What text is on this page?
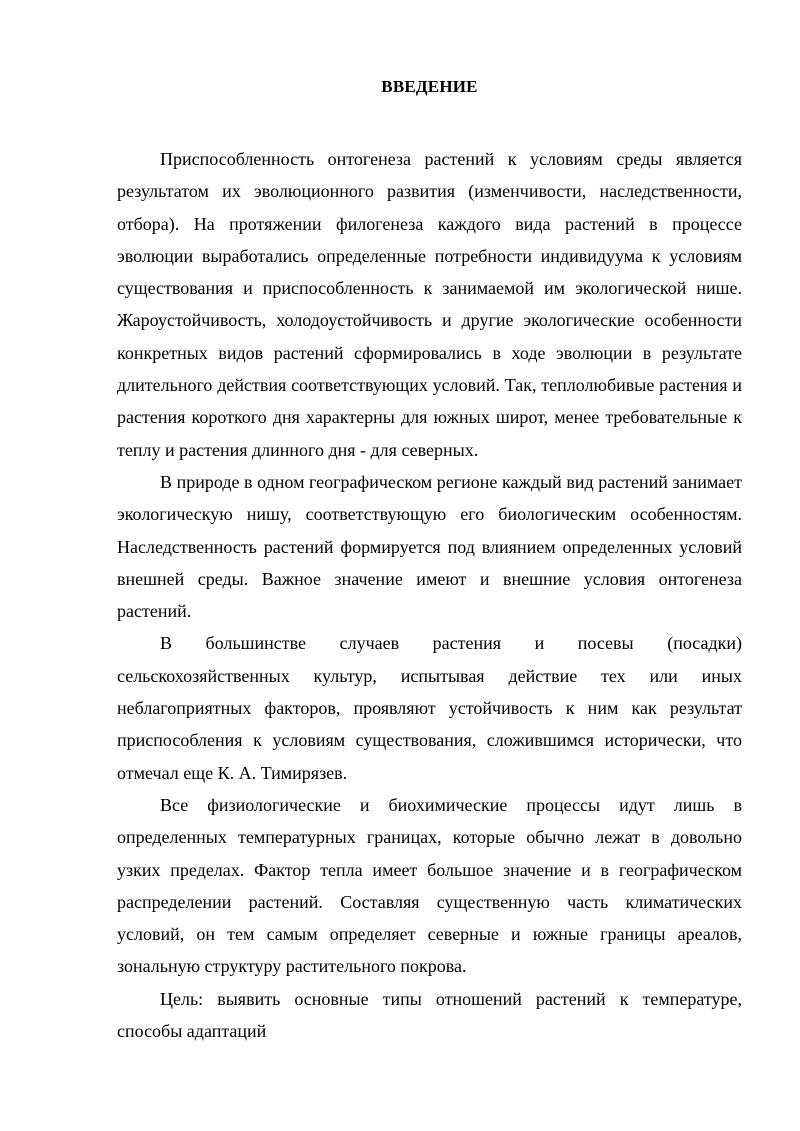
ВВЕДЕНИЕ

Приспособленность онтогенеза растений к условиям среды является результатом их эволюционного развития (изменчивости, наследственности, отбора). На протяжении филогенеза каждого вида растений в процессе эволюции выработались определенные потребности индивидуума к условиям существования и приспособленность к занимаемой им экологической нише. Жароустойчивость, холодоустойчивость и другие экологические особенности конкретных видов растений сформировались в ходе эволюции в результате длительного действия соответствующих условий. Так, теплолюбивые растения и растения короткого дня характерны для южных широт, менее требовательные к теплу и растения длинного дня - для северных.

В природе в одном географическом регионе каждый вид растений занимает экологическую нишу, соответствующую его биологическим особенностям. Наследственность растений формируется под влиянием определенных условий внешней среды. Важное значение имеют и внешние условия онтогенеза растений.

В большинстве случаев растения и посевы (посадки) сельскохозяйственных культур, испытывая действие тех или иных неблагоприятных факторов, проявляют устойчивость к ним как результат приспособления к условиям существования, сложившимся исторически, что отмечал еще К. А. Тимирязев.

Все физиологические и биохимические процессы идут лишь в определенных температурных границах, которые обычно лежат в довольно узких пределах. Фактор тепла имеет большое значение и в географическом распределении растений. Составляя существенную часть климатических условий, он тем самым определяет северные и южные границы ареалов, зональную структуру растительного покрова.

Цель: выявить основные типы отношений растений к температуре, способы адаптаций
